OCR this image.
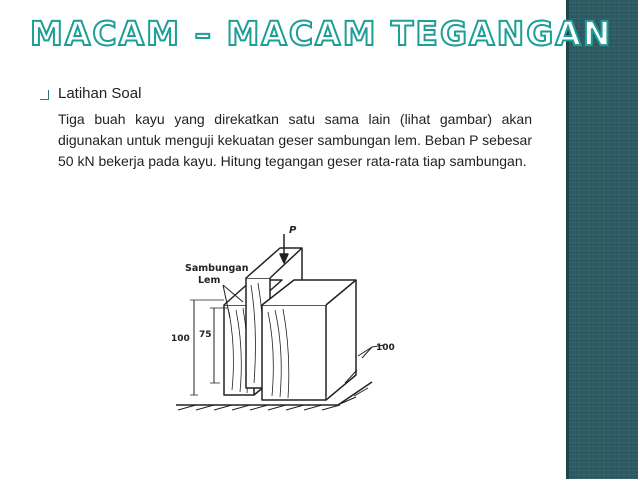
MACAM – MACAM TEGANGAN
Latihan Soal

Tiga buah kayu yang direkatkan satu sama lain (lihat gambar) akan digunakan untuk menguji kekuatan geser sambungan lem. Beban P sebesar 50 kN bekerja pada kayu. Hitung tegangan geser rata-rata tiap sambungan.

P
Sambungan
Lem
100 75
100
